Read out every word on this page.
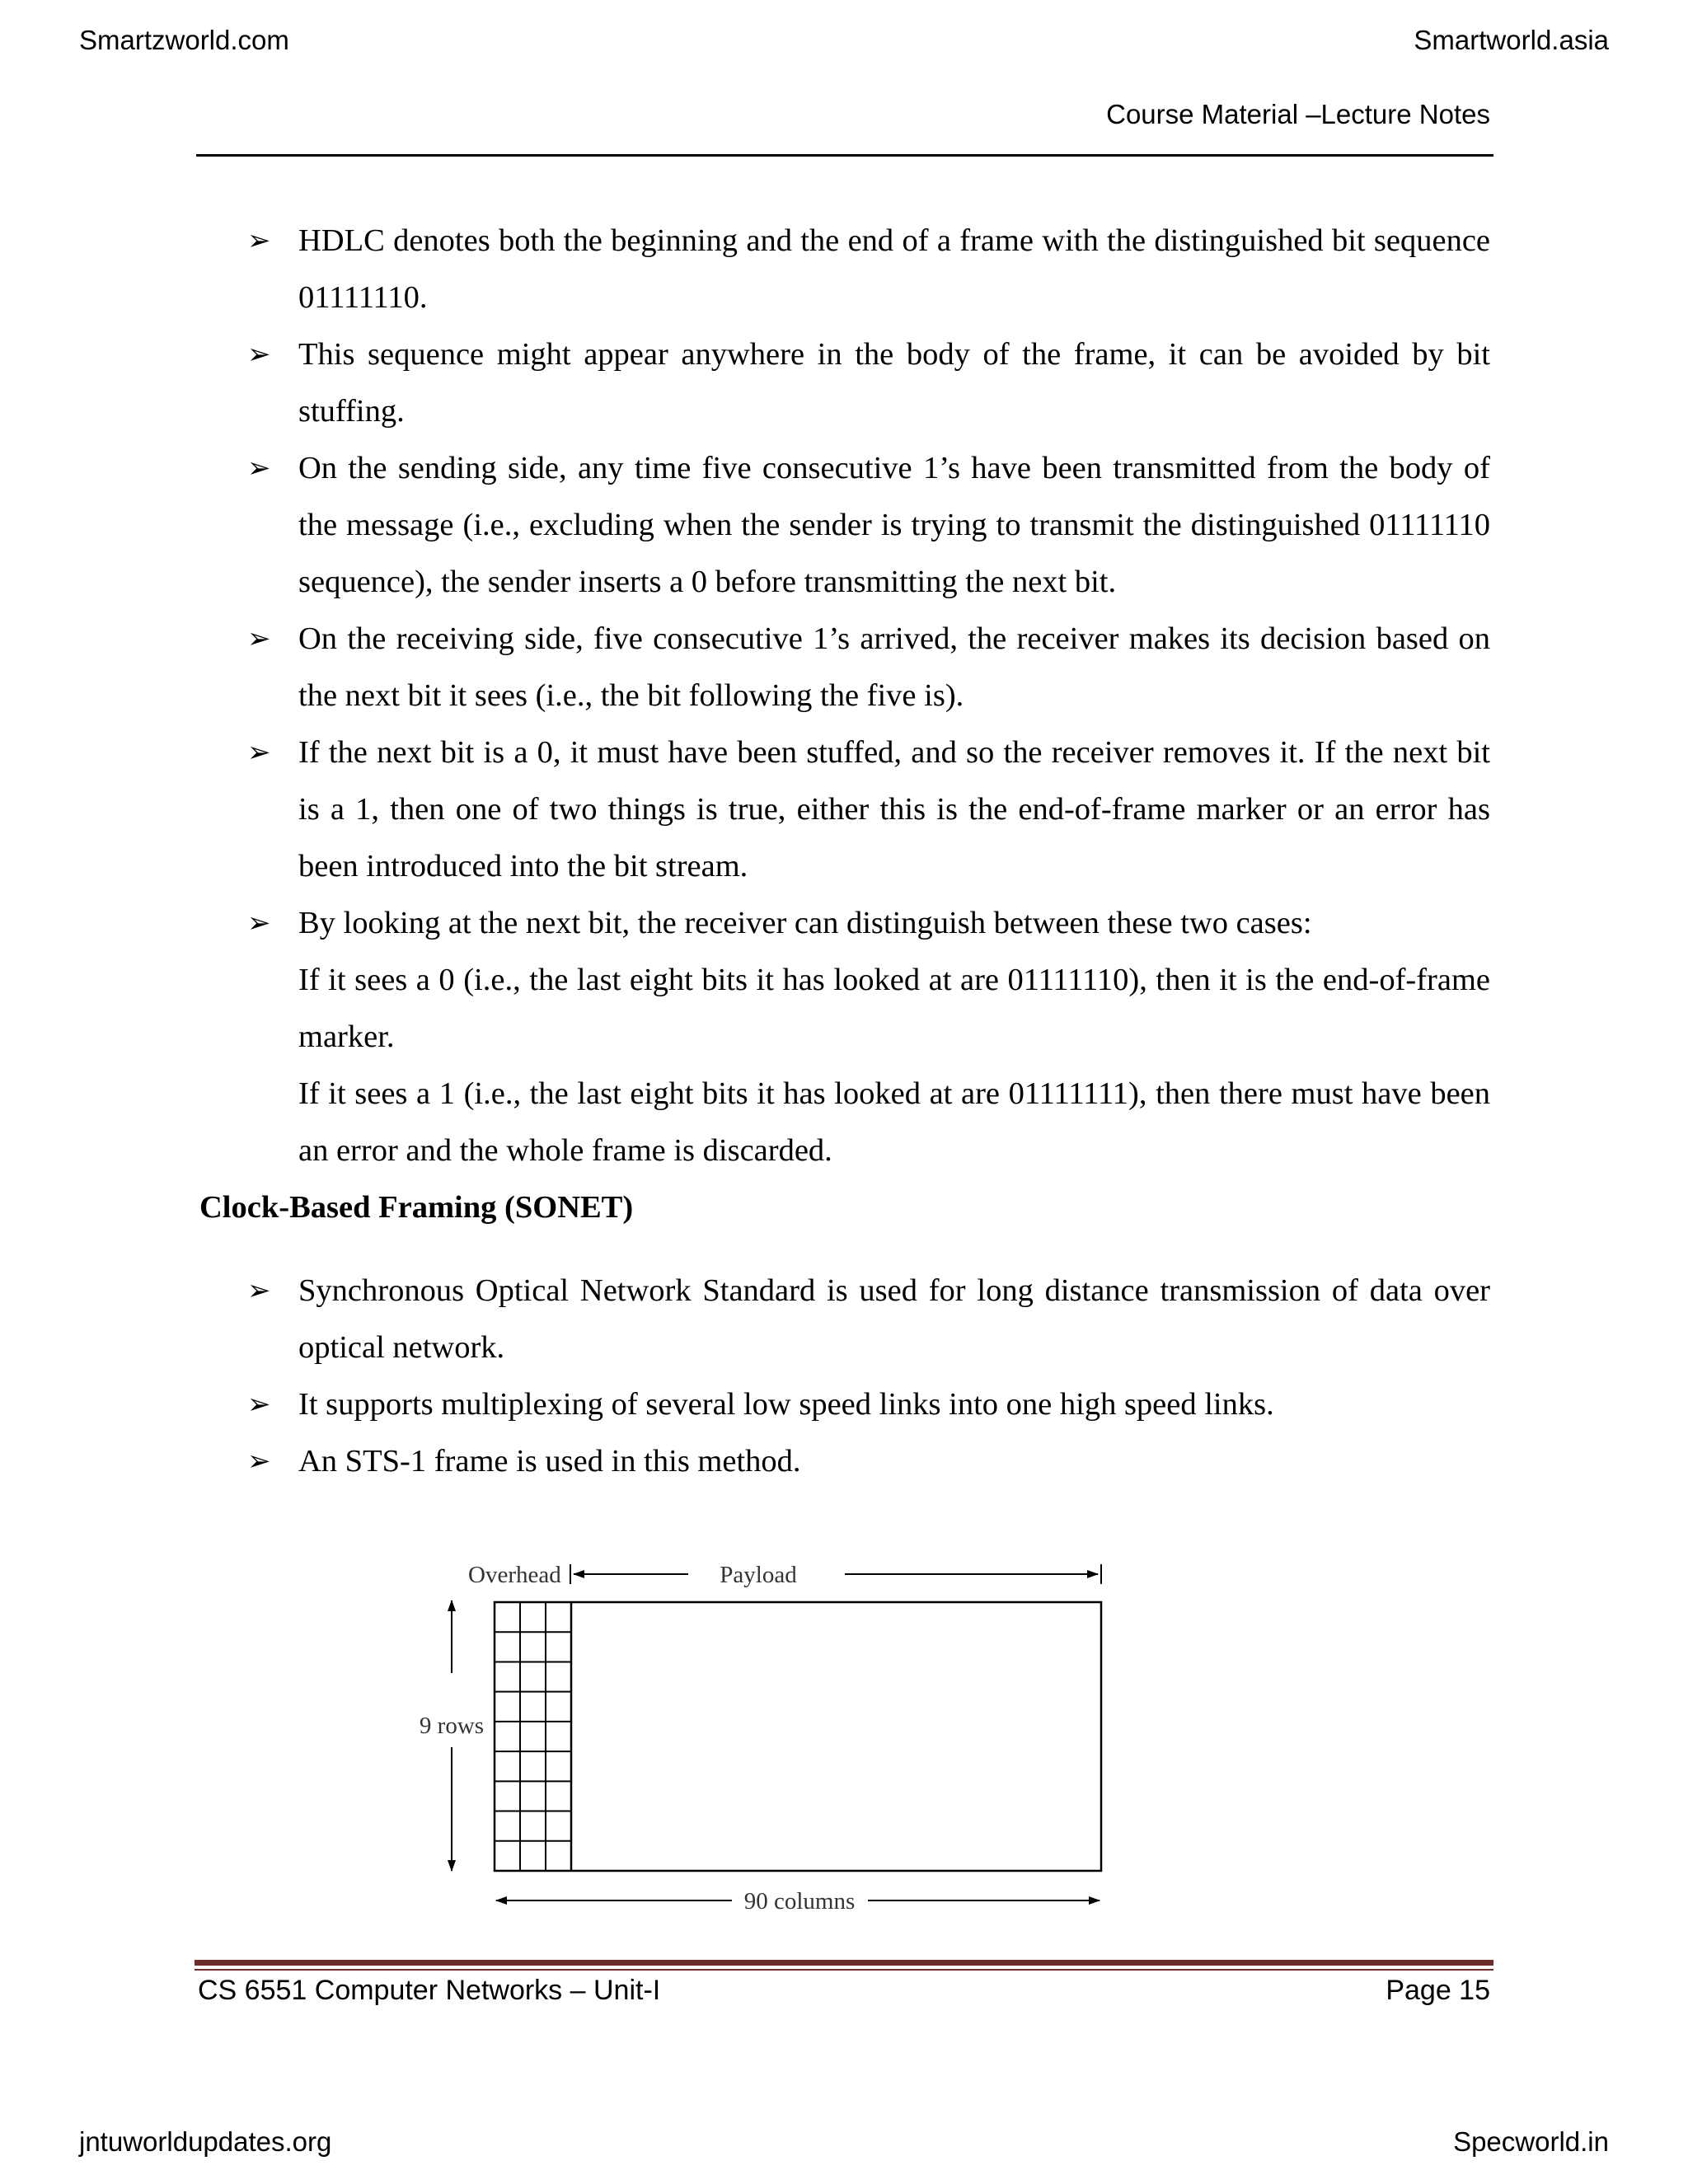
Smartzworld.com	Smartworld.asia
Course Material –Lecture Notes
➢ HDLC denotes both the beginning and the end of a frame with the distinguished bit sequence 01111110.

➢ This sequence might appear anywhere in the body of the frame, it can be avoided by bit stuffing.

➢ On the sending side, any time five consecutive 1’s have been transmitted from the body of the message (i.e., excluding when the sender is trying to transmit the distinguished 01111110 sequence), the sender inserts a 0 before transmitting the next bit.

➢ On the receiving side, five consecutive 1’s arrived, the receiver makes its decision based on the next bit it sees (i.e., the bit following the five is).

➢ If the next bit is a 0, it must have been stuffed, and so the receiver removes it. If the next bit is a 1, then one of two things is true, either this is the end-of-frame marker or an error has been introduced into the bit stream.

➢ By looking at the next bit, the receiver can distinguish between these two cases:

If it sees a 0 (i.e., the last eight bits it has looked at are 01111110), then it is the end-of-frame marker.

If it sees a 1 (i.e., the last eight bits it has looked at are 01111111), then there must have been an error and the whole frame is discarded.

Clock-Based Framing (SONET)

➢ Synchronous Optical Network Standard is used for long distance transmission of data over optical network.

➢ It supports multiplexing of several low speed links into one high speed links.

➢ An STS-1 frame is used in this method.

Overhead	Payload
9 rows
90 columns
CS 6551 Computer Networks – Unit-I	Page 15
jntuworldupdates.org	Specworld.in
